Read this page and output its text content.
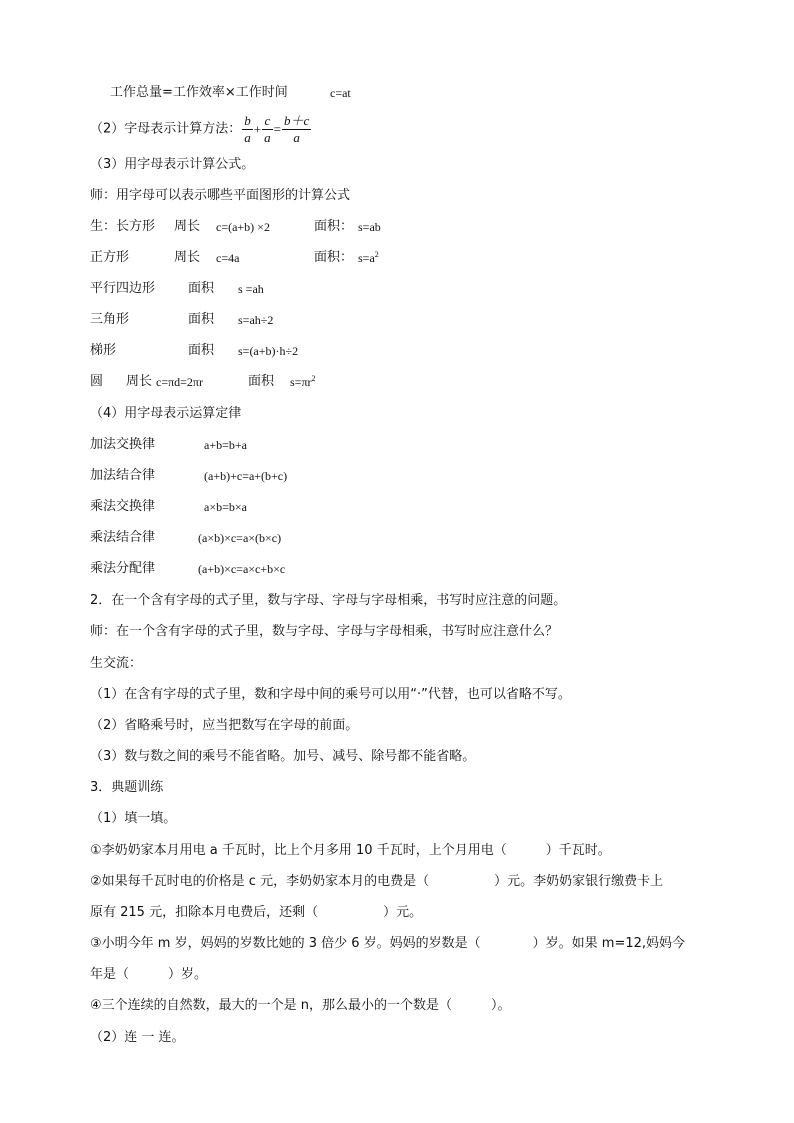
工作总量=工作效率×工作时间	c=at
（2）字母表示计算方法： $\frac{b}{a} + \frac{c}{a} = \frac{b+c}{a}$
（3）用字母表示计算公式。
师：用字母可以表示哪些平面图形的计算公式
生：长方形 周长 c=(a+b) ×2	面积： s=ab
正方形	周长 c=4a	面积： $s=a^2$
平行四边形	面积 s =ah
三角形	面积 s=ah÷2
梯形	面积 s=(a+b)·h÷2
圆 周长 c=πd=2πr	面积 $s=\pi r^2$
（4）用字母表示运算定律
加法交换律	a+b=b+a
加法结合律	(a+b)+c=a+(b+c)
乘法交换律	a×b=b×a
乘法结合律	(a×b)×c=a×(b×c)
乘法分配律	(a+b)×c=a×c+b×c
2．在一个含有字母的式子里，数与字母、字母与字母相乘，书写时应注意的问题。
师：在一个含有字母的式子里，数与字母、字母与字母相乘，书写时应注意什么？
生交流：
（1）在含有字母的式子里，数和字母中间的乘号可以用“·”代替，也可以省略不写。
（2）省略乘号时，应当把数写在字母的前面。
（3）数与数之间的乘号不能省略。加号、减号、除号都不能省略。
3．典题训练
（1）填一填。
①李奶奶家本月用电 a 千瓦时，比上个月多用 10 千瓦时，上个月用电（　　　）千瓦时。
②如果每千瓦时电的价格是 c 元，李奶奶家本月的电费是（　　　　　）元。李奶奶家银行缴费卡上
原有 215 元，扣除本月电费后，还剩（　　　　　）元。
③小明今年 m 岁，妈妈的岁数比她的 3 倍少 6 岁。妈妈的岁数是（　　　　）岁。如果 m=12,妈妈今
年是（　　　）岁。
④三个连续的自然数，最大的一个是 n，那么最小的一个数是（　　　）。
（2）连 一 连。
